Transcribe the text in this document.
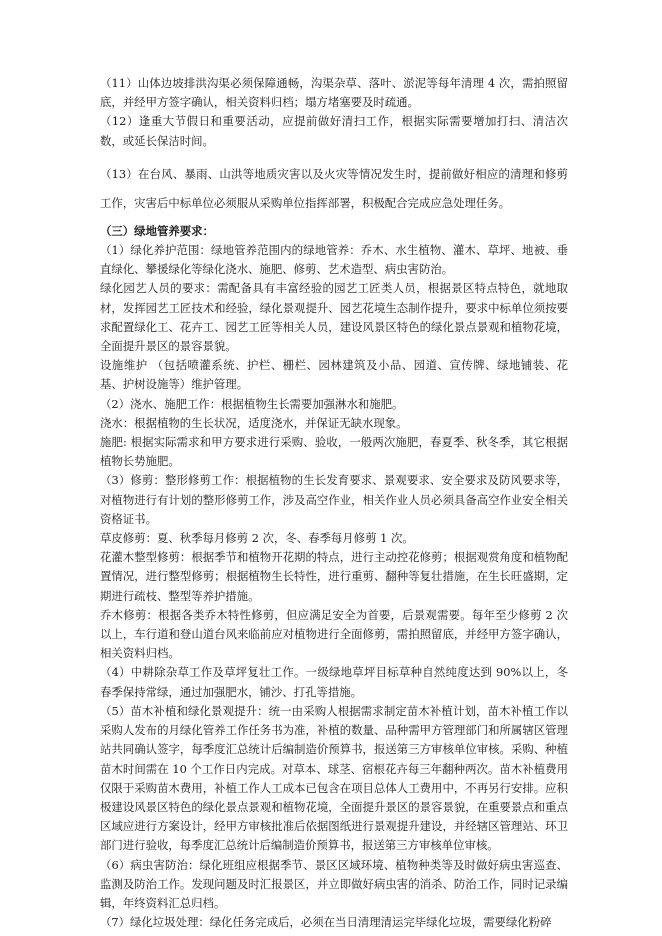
（11）山体边坡排洪沟渠必须保障通畅，沟渠杂草、落叶、淤泥等每年清理 4 次，需拍照留底，并经甲方签字确认，相关资料归档；塌方堵塞要及时疏通。

（12）逢重大节假日和重要活动，应提前做好清扫工作，根据实际需要增加打扫、清洁次数，或延长保洁时间。

（13）在台风、暴雨、山洪等地质灾害以及火灾等情况发生时，提前做好相应的清理和修剪工作，灾害后中标单位必须服从采购单位指挥部署，积极配合完成应急处理任务。

（三）绿地管养要求：

（1）绿化养护范围：绿地管养范围内的绿地管养：乔木、水生植物、灌木、草坪、地被、垂直绿化、攀援绿化等绿化浇水、施肥、修剪、艺术造型、病虫害防治。

绿化园艺人员的要求：需配备具有丰富经验的园艺工匠类人员，根据景区特点特色，就地取材，发挥园艺工匠技术和经验，绿化景观提升、园艺花境生态制作提升，要求中标单位须按要求配置绿化工、花卉工、园艺工匠等相关人员，建设风景区特色的绿化景点景观和植物花境，全面提升景区的景容景貌。

设施维护 （包括喷灌系统、护栏、栅栏、园林建筑及小品、园道、宣传牌、绿地铺装、花基、护树设施等）维护管理。

（2）浇水、施肥工作：根据植物生长需要加强淋水和施肥。

浇水：根据植物的生长状况，适度浇水，并保证无缺水现象。

施肥: 根据实际需求和甲方要求进行采购、验收，一般两次施肥，春夏季、秋冬季，其它根据植物长势施肥。

（3）修剪：整形修剪工作：根据植物的生长发育要求、景观要求、安全要求及防风要求等，对植物进行有计划的整形修剪工作，涉及高空作业，相关作业人员必须具备高空作业安全相关资格证书。

草皮修剪：夏、秋季每月修剪 2 次，冬、春季每月修剪 1 次。

花灌木整型修剪：根据季节和植物开花期的特点，进行主动控花修剪；根据观赏角度和植物配置情况，进行整型修剪；根据植物生长特性，进行重剪、翻种等复壮措施，在生长旺盛期，定期进行疏枝、整型等养护措施。

乔木修剪：根据各类乔木特性修剪，但应满足安全为首要，后景观需要。每年至少修剪 2 次以上，车行道和登山道台风来临前应对植物进行全面修剪，需拍照留底，并经甲方签字确认，相关资料归档。

（4）中耕除杂草工作及草坪复壮工作。一级绿地草坪目标草种自然纯度达到 90%以上，冬春季保持常绿，通过加强肥水，铺沙、打孔等措施。

（5）苗木补植和绿化景观提升：统一由采购人根据需求制定苗木补植计划，苗木补植工作以采购人发布的月绿化管养工作任务书为准，补植的数量、品种需甲方管理部门和所属辖区管理站共同确认签字，每季度汇总统计后编制造价预算书，报送第三方审核单位审核。采购、种植苗木时间需在 10 个工作日内完成。对草本、球茎、宿根花卉每三年翻种两次。苗木补植费用仅限于采购苗木费用，补植工作人工成本已包含在项目总体人工费用中，不再另行安排。应积极建设风景区特色的绿化景点景观和植物花境，全面提升景区的景容景貌，在重要景点和重点区域应进行方案设计，经甲方审核批准后依据图纸进行景观提升建设，并经辖区管理站、环卫部门进行验收，每季度汇总统计后编制造价预算书，报送第三方审核单位审核。

（6）病虫害防治：绿化班组应根据季节、景区区域环境、植物种类等及时做好病虫害巡查、监测及防治工作。发现问题及时汇报景区，并立即做好病虫害的消杀、防治工作，同时记录编辑，年终资料汇总归档。

（7）绿化垃圾处理：绿化任务完成后，必须在当日清理清运完毕绿化垃圾，需要绿化粉碎
